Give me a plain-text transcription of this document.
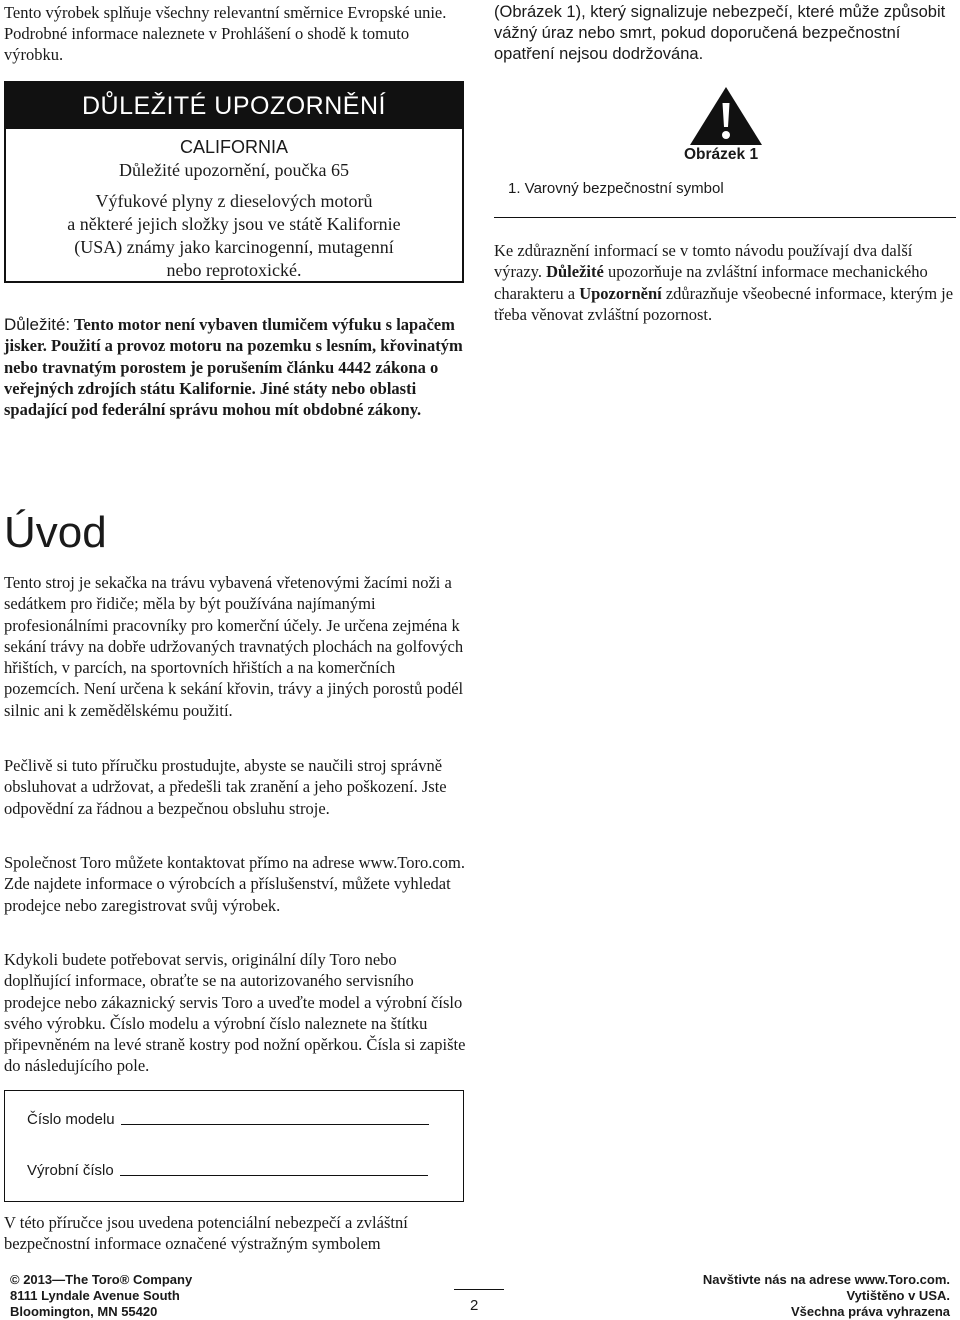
Tento výrobek splňuje všechny relevantní směrnice Evropské unie. Podrobné informace naleznete v Prohlášení o shodě k tomuto výrobku.

DŮLEŽITÉ UPOZORNĚNÍ
CALIFORNIA
Důležité upozornění, poučka 65
Výfukové plyny z dieselových motorů
a některé jejich složky jsou ve státě Kalifornie
(USA) známy jako karcinogenní, mutagenní
nebo reprotoxické.

Důležité: Tento motor není vybaven tlumičem výfuku s lapačem jisker. Použití a provoz motoru na pozemku s lesním, křovinatým nebo travnatým porostem je porušením článku 4442 zákona o veřejných zdrojích státu Kalifornie. Jiné státy nebo oblasti spadající pod federální správu mohou mít obdobné zákony.

Úvod

Tento stroj je sekačka na trávu vybavená vřetenovými žacími noži a sedátkem pro řidiče; měla by být používána najímanými profesionálními pracovníky pro komerční účely. Je určena zejména k sekání trávy na dobře udržovaných travnatých plochách na golfových hřištích, v parcích, na sportovních hřištích a na komerčních pozemcích. Není určena k sekání křovin, trávy a jiných porostů podél silnic ani k zemědělskému použití.

Pečlivě si tuto příručku prostudujte, abyste se naučili stroj správně obsluhovat a udržovat, a předešli tak zranění a jeho poškození. Jste odpovědní za řádnou a bezpečnou obsluhu stroje.

Společnost Toro můžete kontaktovat přímo na adrese www.Toro.com. Zde najdete informace o výrobcích a příslušenství, můžete vyhledat prodejce nebo zaregistrovat svůj výrobek.

Kdykoli budete potřebovat servis, originální díly Toro nebo doplňující informace, obraťte se na autorizovaného servisního prodejce nebo zákaznický servis Toro a uveďte model a výrobní číslo svého výrobku. Číslo modelu a výrobní číslo naleznete na štítku připevněném na levé straně kostry pod nožní opěrkou. Čísla si zapište do následujícího pole.

Číslo modelu
Výrobní číslo

V této příručce jsou uvedena potenciální nebezpečí a zvláštní bezpečnostní informace označené výstražným symbolem

(Obrázek 1), který signalizuje nebezpečí, které může způsobit vážný úraz nebo smrt, pokud doporučená bezpečnostní opatření nejsou dodržována.

Obrázek 1
1. Varovný bezpečnostní symbol

Ke zdůraznění informací se v tomto návodu používají dva další výrazy. Důležité upozorňuje na zvláštní informace mechanického charakteru a Upozornění zdůrazňuje všeobecné informace, kterým je třeba věnovat zvláštní pozornost.

© 2013—The Toro® Company
8111 Lyndale Avenue South
Bloomington, MN 55420	2
Navštivte nás na adrese www.Toro.com.
Vytištěno v USA.
Všechna práva vyhrazena
